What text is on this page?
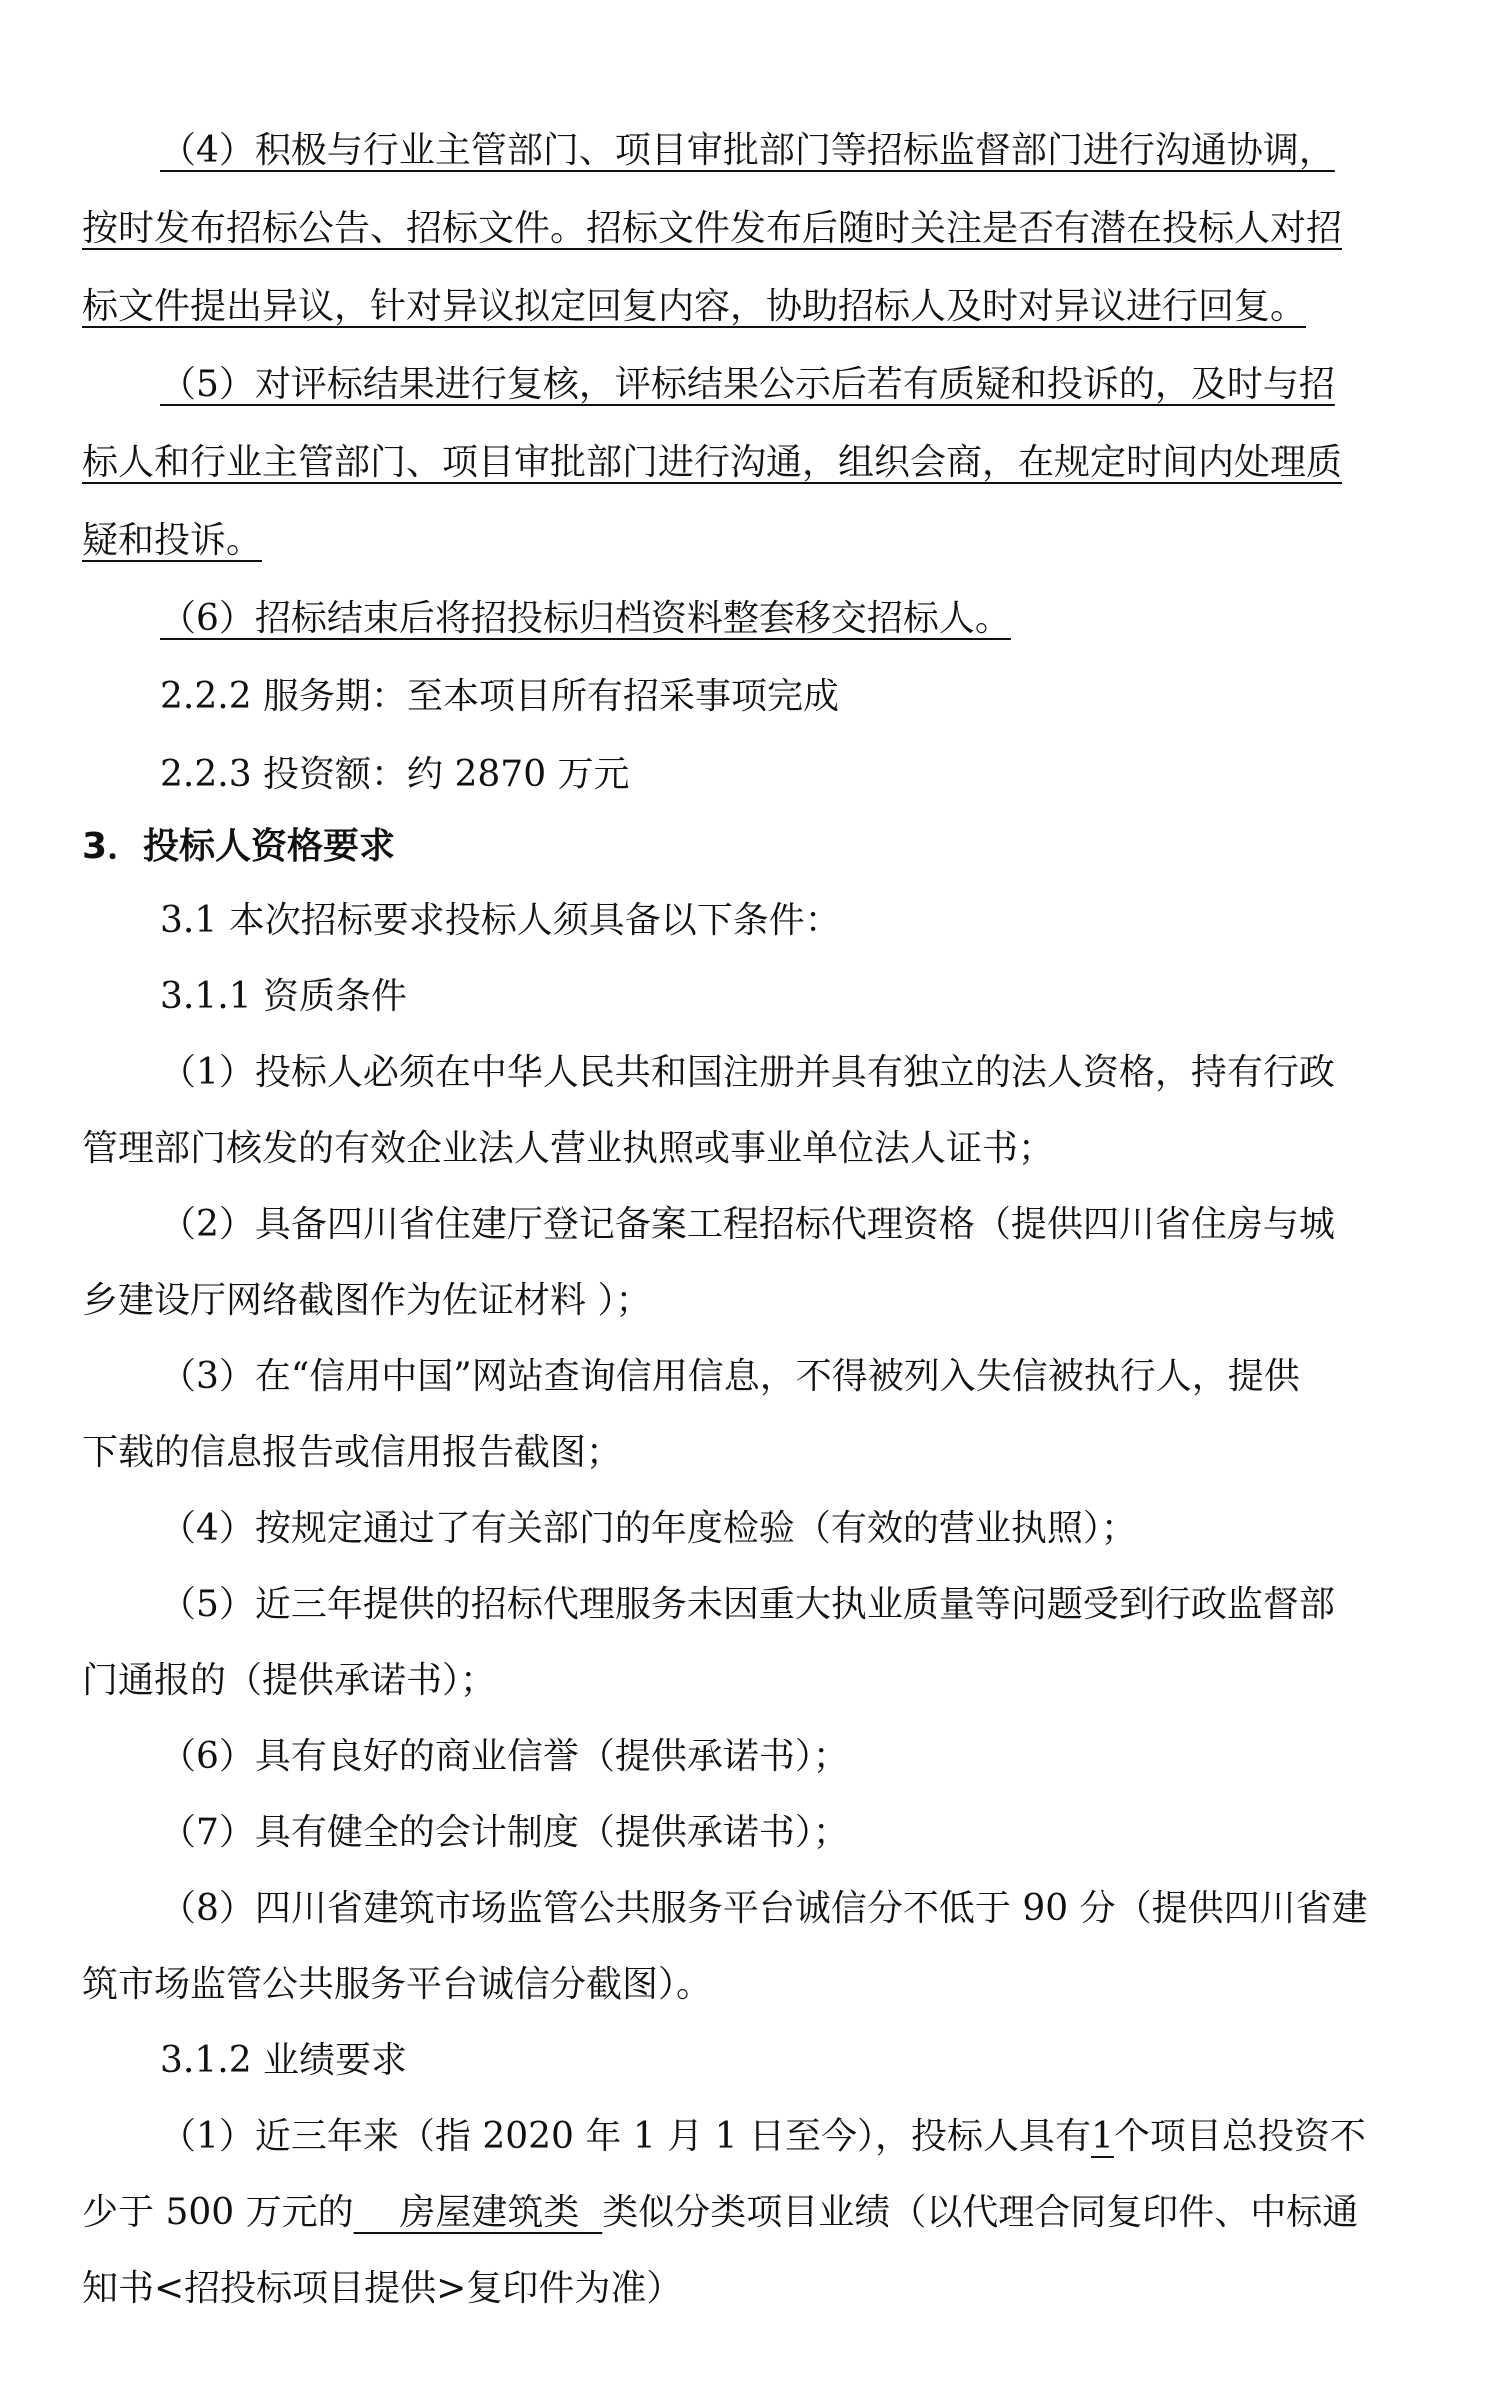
（4）积极与行业主管部门、项目审批部门等招标监督部门进行沟通协调，
按时发布招标公告、招标文件。招标文件发布后随时关注是否有潜在投标人对招
标文件提出异议，针对异议拟定回复内容，协助招标人及时对异议进行回复。
（5）对评标结果进行复核，评标结果公示后若有质疑和投诉的，及时与招
标人和行业主管部门、项目审批部门进行沟通，组织会商，在规定时间内处理质
疑和投诉。
（6）招标结束后将招投标归档资料整套移交招标人。
2.2.2 服务期：至本项目所有招采事项完成
2.2.3 投资额：约 2870 万元
3．投标人资格要求
3.1 本次招标要求投标人须具备以下条件：
3.1.1 资质条件
（1）投标人必须在中华人民共和国注册并具有独立的法人资格，持有行政
管理部门核发的有效企业法人营业执照或事业单位法人证书；
（2）具备四川省住建厅登记备案工程招标代理资格（提供四川省住房与城
乡建设厅网络截图作为佐证材料 ）；
（3）在“信用中国”网站查询信用信息，不得被列入失信被执行人，提供
下载的信息报告或信用报告截图；
（4）按规定通过了有关部门的年度检验（有效的营业执照）；
（5）近三年提供的招标代理服务未因重大执业质量等问题受到行政监督部
门通报的（提供承诺书）；
（6）具有良好的商业信誉（提供承诺书）；
（7）具有健全的会计制度（提供承诺书）；
（8）四川省建筑市场监管公共服务平台诚信分不低于 90 分（提供四川省建
筑市场监管公共服务平台诚信分截图）。
3.1.2 业绩要求
（1）近三年来（指 2020 年 1 月 1 日至今），投标人具有1个项目总投资不
少于 500 万元的    房屋建筑类  类似分类项目业绩（以代理合同复印件、中标通
知书<招投标项目提供>复印件为准）
